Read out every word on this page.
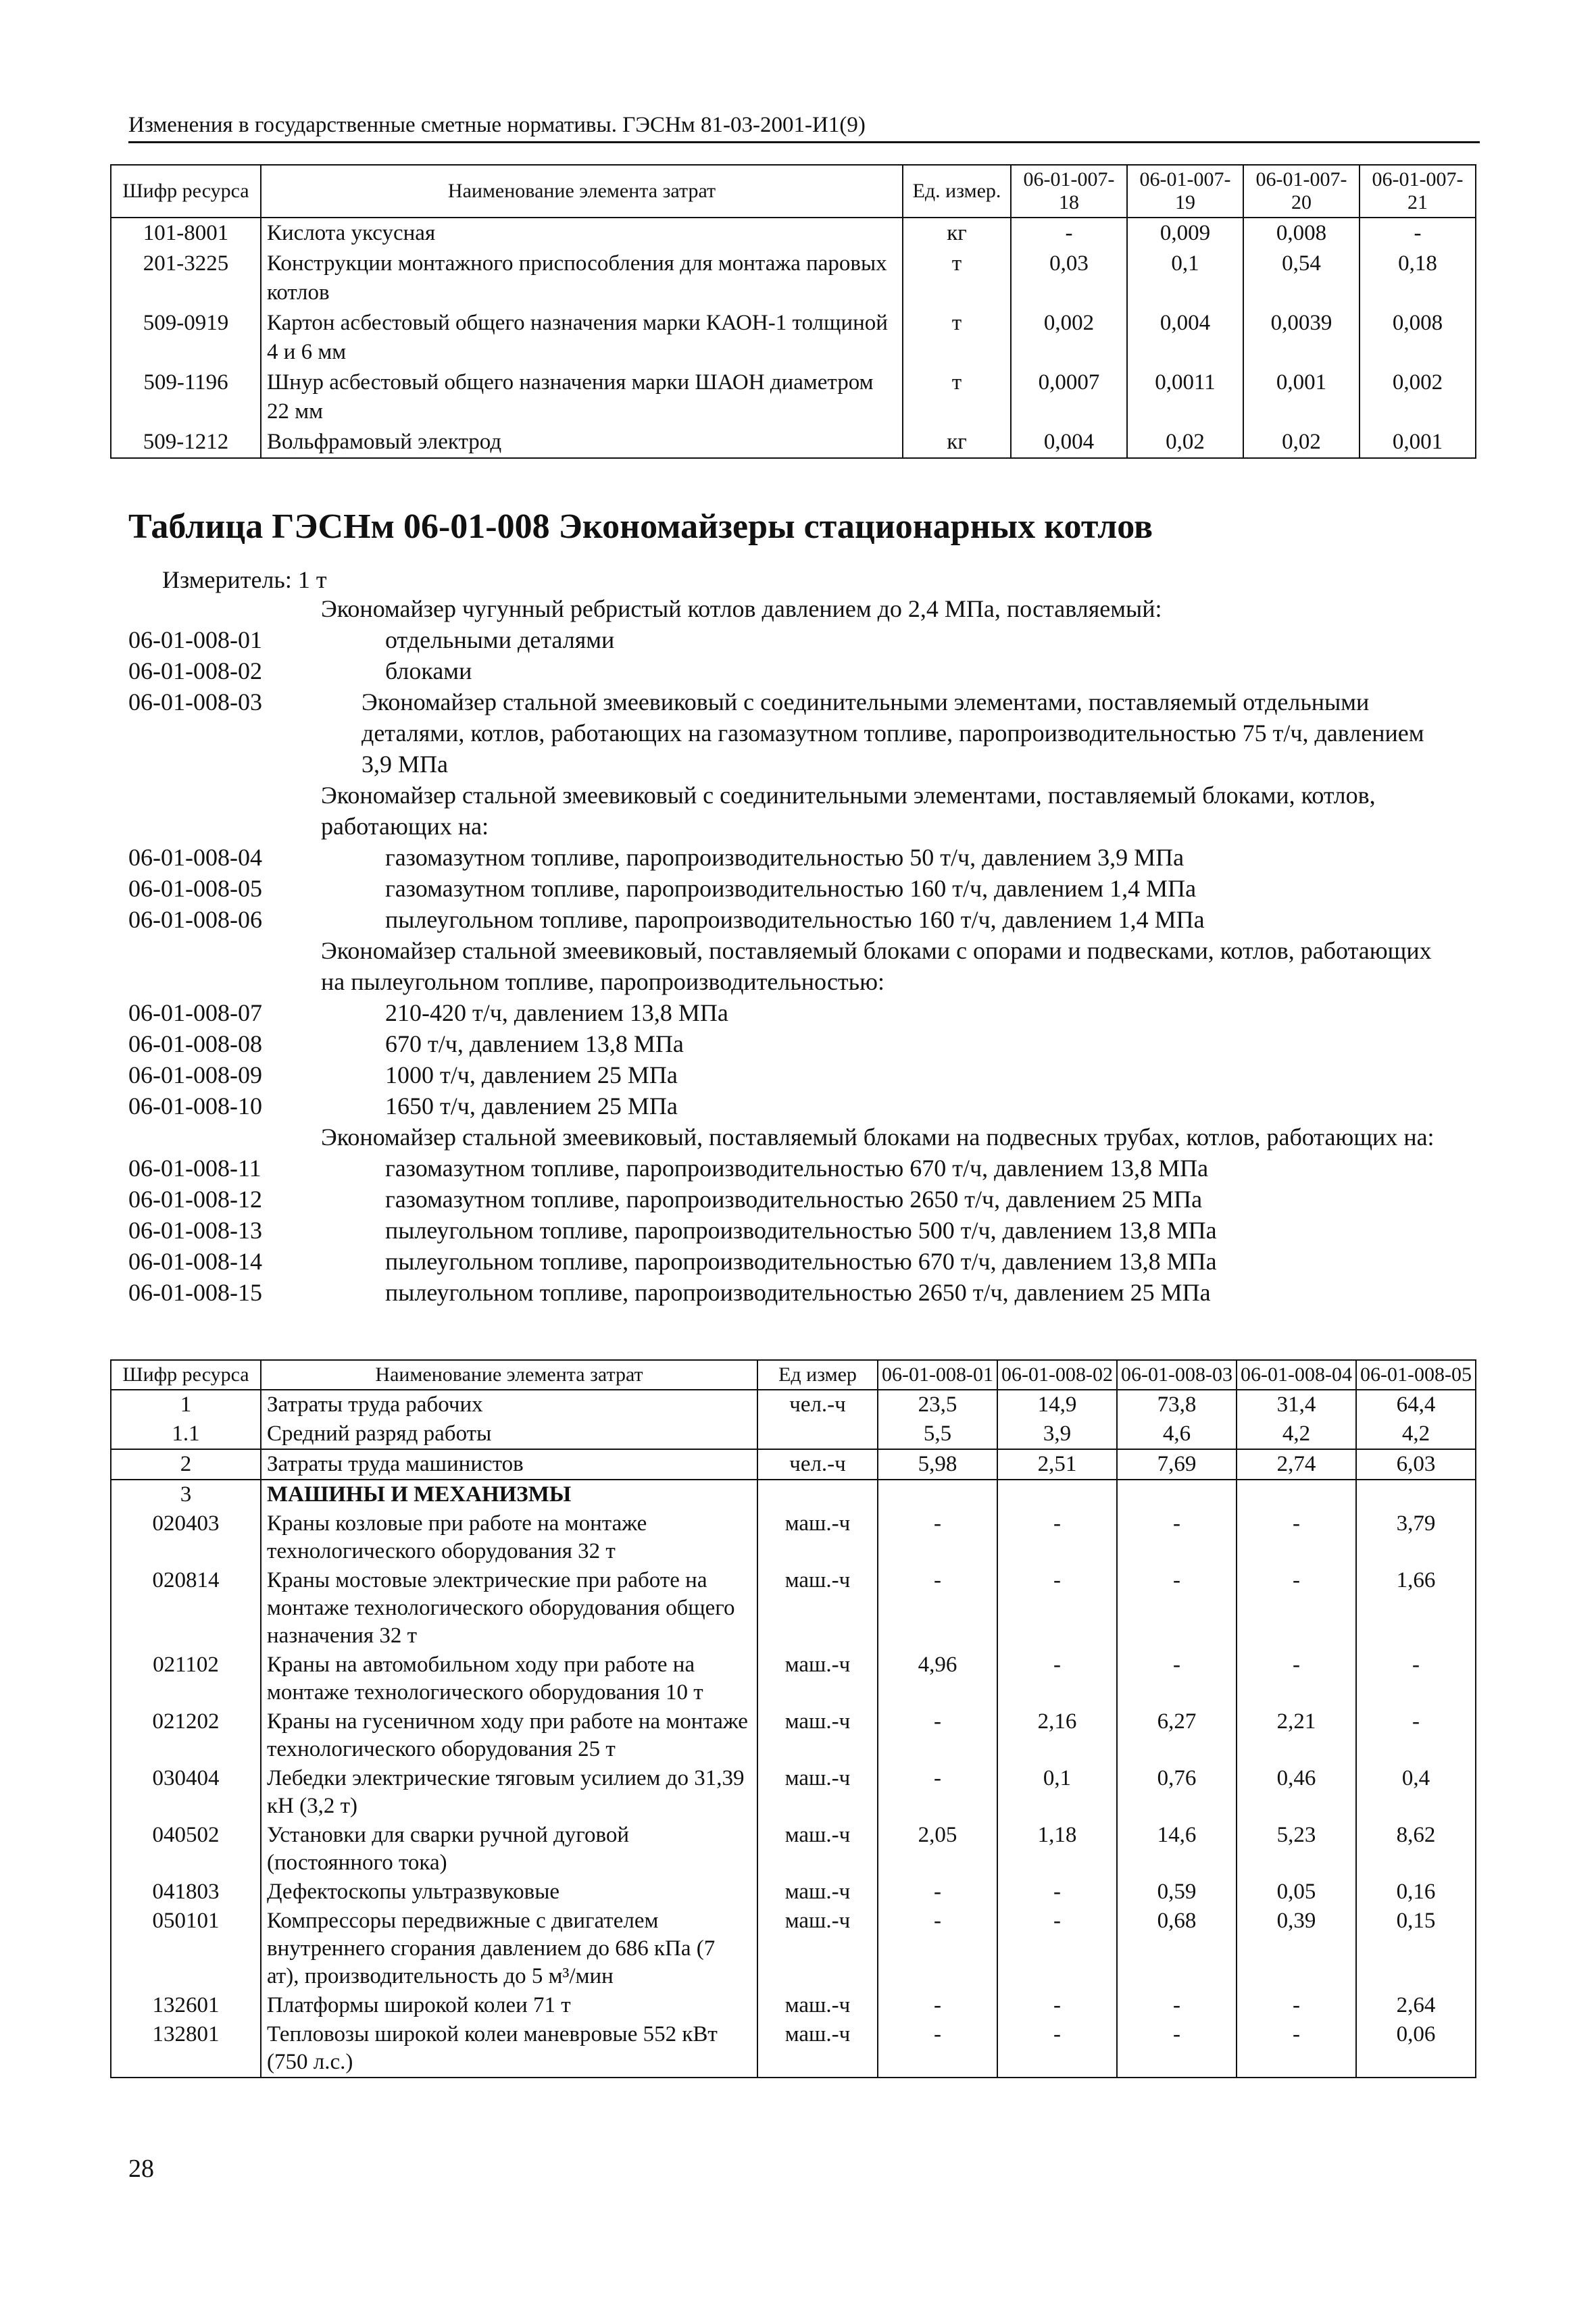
Изменения в государственные сметные нормативы. ГЭСНм 81-03-2001-И1(9)
Шифр ресурса	Наименование элемента затрат	Ед. измер.	06-01-007-18	06-01-007-19	06-01-007-20	06-01-007-21
101-8001	Кислота уксусная	кг	-	0,009	0,008	-
201-3225	Конструкции монтажного приспособления для монтажа паровых котлов	т	0,03	0,1	0,54	0,18
509-0919	Картон асбестовый общего назначения марки КАОН-1 толщиной 4 и 6 мм	т	0,002	0,004	0,0039	0,008
509-1196	Шнур асбестовый общего назначения марки ШАОН диаметром 22 мм	т	0,0007	0,0011	0,001	0,002
509-1212	Вольфрамовый электрод	кг	0,004	0,02	0,02	0,001
Таблица ГЭСНм 06-01-008 Экономайзеры стационарных котлов
Измеритель: 1 т
Экономайзер чугунный ребристый котлов давлением до 2,4 МПа, поставляемый:
06-01-008-01	отдельными деталями
06-01-008-02	блоками
06-01-008-03	Экономайзер стальной змеевиковый с соединительными элементами, поставляемый отдельными деталями, котлов, работающих на газомазутном топливе, паропроизводительностью 75 т/ч, давлением 3,9 МПа
Экономайзер стальной змеевиковый с соединительными элементами, поставляемый блоками, котлов, работающих на:
06-01-008-04	газомазутном топливе, паропроизводительностью 50 т/ч, давлением 3,9 МПа
06-01-008-05	газомазутном топливе, паропроизводительностью 160 т/ч, давлением 1,4 МПа
06-01-008-06	пылеугольном топливе, паропроизводительностью 160 т/ч, давлением 1,4 МПа
Экономайзер стальной змеевиковый, поставляемый блоками с опорами и подвесками, котлов, работающих на пылеугольном топливе, паропроизводительностью:
06-01-008-07	210-420 т/ч, давлением 13,8 МПа
06-01-008-08	670 т/ч, давлением 13,8 МПа
06-01-008-09	1000 т/ч, давлением 25 МПа
06-01-008-10	1650 т/ч, давлением 25 МПа
Экономайзер стальной змеевиковый, поставляемый блоками на подвесных трубах, котлов, работающих на:
06-01-008-11	газомазутном топливе, паропроизводительностью 670 т/ч, давлением 13,8 МПа
06-01-008-12	газомазутном топливе, паропроизводительностью 2650 т/ч, давлением 25 МПа
06-01-008-13	пылеугольном топливе, паропроизводительностью 500 т/ч, давлением 13,8 МПа
06-01-008-14	пылеугольном топливе, паропроизводительностью 670 т/ч, давлением 13,8 МПа
06-01-008-15	пылеугольном топливе, паропроизводительностью 2650 т/ч, давлением 25 МПа
Шифр ресурса	Наименование элемента затрат	Ед измер	06-01-008-01	06-01-008-02	06-01-008-03	06-01-008-04	06-01-008-05
1	Затраты труда рабочих	чел.-ч	23,5	14,9	73,8	31,4	64,4
1.1	Средний разряд работы		5,5	3,9	4,6	4,2	4,2
2	Затраты труда машинистов	чел.-ч	5,98	2,51	7,69	2,74	6,03
3	МАШИНЫ И МЕХАНИЗМЫ						
020403	Краны козловые при работе на монтаже технологического оборудования 32 т	маш.-ч	-	-	-	-	3,79
020814	Краны мостовые электрические при работе на монтаже технологического оборудования общего назначения 32 т	маш.-ч	-	-	-	-	1,66
021102	Краны на автомобильном ходу при работе на монтаже технологического оборудования 10 т	маш.-ч	4,96	-	-	-	-
021202	Краны на гусеничном ходу при работе на монтаже технологического оборудования 25 т	маш.-ч	-	2,16	6,27	2,21	-
030404	Лебедки электрические тяговым усилием до 31,39 кН (3,2 т)	маш.-ч	-	0,1	0,76	0,46	0,4
040502	Установки для сварки ручной дуговой (постоянного тока)	маш.-ч	2,05	1,18	14,6	5,23	8,62
041803	Дефектоскопы ультразвуковые	маш.-ч	-	-	0,59	0,05	0,16
050101	Компрессоры передвижные с двигателем внутреннего сгорания давлением до 686 кПа (7 ат), производительность до 5 м³/мин	маш.-ч	-	-	0,68	0,39	0,15
132601	Платформы широкой колеи 71 т	маш.-ч	-	-	-	-	2,64
132801	Тепловозы широкой колеи маневровые 552 кВт (750 л.с.)	маш.-ч	-	-	-	-	0,06
28
